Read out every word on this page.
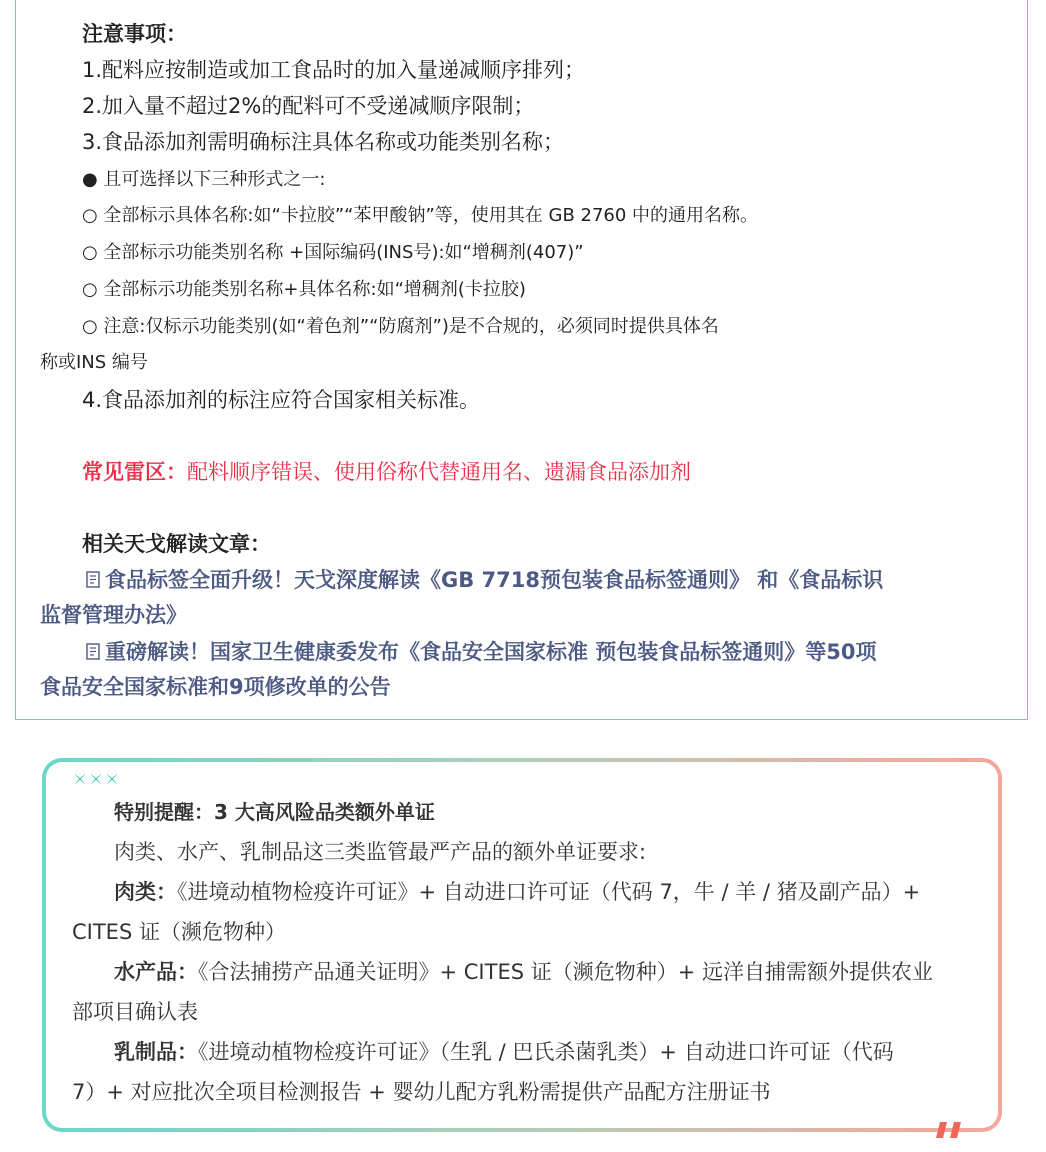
注意事项：
1.配料应按制造或加工食品时的加入量递减顺序排列；
2.加入量不超过2%的配料可不受递减顺序限制；
3.食品添加剂需明确标注具体名称或功能类别名称；
● 且可选择以下三种形式之一:
○ 全部标示具体名称:如“卡拉胶”“苯甲酸钠”等，使用其在 GB 2760 中的通用名称。
○ 全部标示功能类别名称 +国际编码(INS号):如“增稠剂(407)”
○ 全部标示功能类别名称+具体名称:如“增稠剂(卡拉胶)
○ 注意:仅标示功能类别(如“着色剂”“防腐剂”)是不合规的，必须同时提供具体名
称或INS 编号
4.食品添加剂的标注应符合国家相关标准。
常见雷区：配料顺序错误、使用俗称代替通用名、遗漏食品添加剂
相关天戈解读文章：
食品标签全面升级！天戈深度解读《GB 7718预包装食品标签通则》 和《食品标识
监督管理办法》
重磅解读！国家卫生健康委发布《食品安全国家标准 预包装食品标签通则》等50项
食品安全国家标准和9项修改单的公告
特别提醒：3 大高风险品类额外单证
肉类、水产、乳制品这三类监管最严产品的额外单证要求:
肉类：《进境动植物检疫许可证》+ 自动进口许可证（代码 7，牛 / 羊 / 猪及副产品）+
CITES 证（濒危物种）
水产品：《合法捕捞产品通关证明》+ CITES 证（濒危物种）+ 远洋自捕需额外提供农业
部项目确认表
乳制品：《进境动植物检疫许可证》（生乳 / 巴氏杀菌乳类）+ 自动进口许可证（代码
7）+ 对应批次全项目检测报告 + 婴幼儿配方乳粉需提供产品配方注册证书
